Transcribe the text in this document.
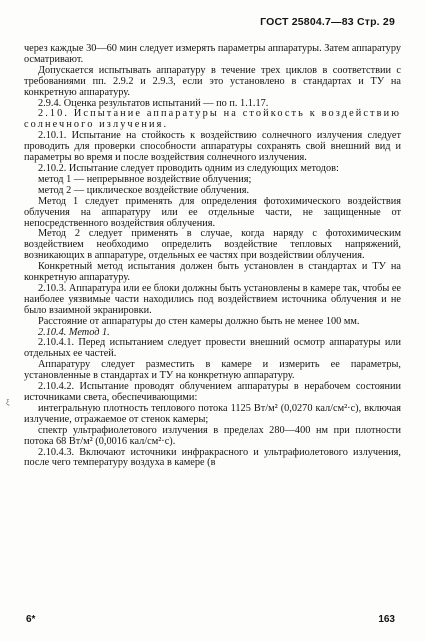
ГОСТ 25804.7—83 Стр. 29

через каждые 30—60 мин следует измерять параметры аппаратуры. Затем аппаратуру осматривают.

Допускается испытывать аппаратуру в течение трех циклов в соответствии с требованиями пп. 2.9.2 и 2.9.3, если это установлено в стандартах и ТУ на конкретную аппаратуру.

2.9.4. Оценка результатов испытаний — по п. 1.1.17.

2.10. Испытание аппаратуры на стойкость к воздействию солнечного излучения.

2.10.1. Испытание на стойкость к воздействию солнечного излучения следует проводить для проверки способности аппаратуры сохранять свой внешний вид и параметры во время и после воздействия солнечного излучения.

2.10.2. Испытание следует проводить одним из следующих методов:

метод 1 — непрерывное воздействие облучения;

метод 2 — циклическое воздействие облучения.

Метод 1 следует применять для определения фотохимического воздействия облучения на аппаратуру или ее отдельные части, не защищенные от непосредственного воздействия облучения.

Метод 2 следует применять в случае, когда наряду с фотохимическим воздействием необходимо определить воздействие тепловых напряжений, возникающих в аппаратуре, отдельных ее частях при воздействии облучения.

Конкретный метод испытания должен быть установлен в стандартах и ТУ на конкретную аппаратуру.

2.10.3. Аппаратура или ее блоки должны быть установлены в камере так, чтобы ее наиболее уязвимые части находились под воздействием источника облучения и не было взаимной экранировки.

Расстояние от аппаратуры до стен камеры должно быть не менее 100 мм.

2.10.4. Метод 1.

2.10.4.1. Перед испытанием следует провести внешний осмотр аппаратуры или отдельных ее частей.

Аппаратуру следует разместить в камере и измерить ее параметры, установленные в стандартах и ТУ на конкретную аппаратуру.

2.10.4.2. Испытание проводят облучением аппаратуры в нерабочем состоянии источниками света, обеспечивающими:

интегральную плотность теплового потока 1125 Вт/м² (0,0270 кал/см²·с), включая излучение, отражаемое от стенок камеры;

спектр ультрафиолетового излучения в пределах 280—400 нм при плотности потока 68 Вт/м² (0,0016 кал/см²·с).

2.10.4.3. Включают источники инфракрасного и ультрафиолетового излучения, после чего температуру воздуха в камере (в

ξ
6*	163
